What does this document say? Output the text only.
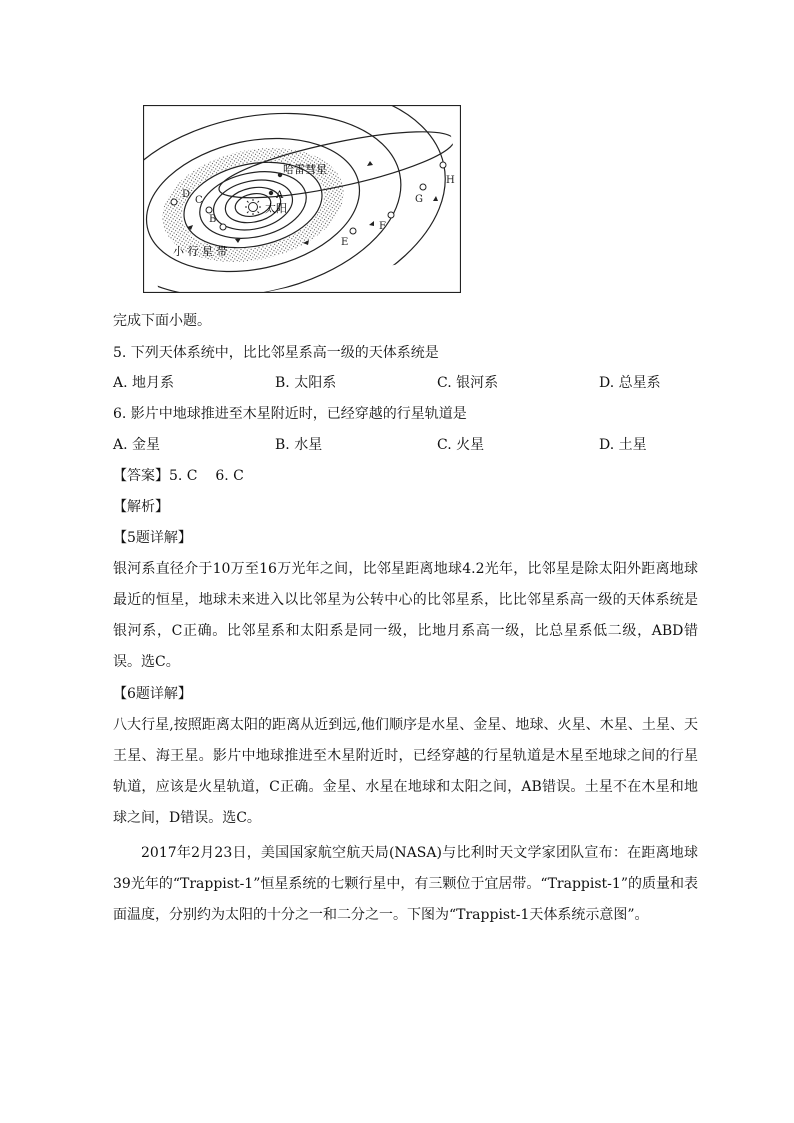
太阳
A
哈雷彗星
B
C
D
E
F
G
H
小 行 星 带
完成下面小题。
5. 下列天体系统中，比比邻星系高一级的天体系统是
A. 地月系	B. 太阳系	C. 银河系	D. 总星系
6. 影片中地球推进至木星附近时，已经穿越的行星轨道是
A. 金星	B. 水星	C. 火星	D. 土星
【答案】5. C    6. C
【解析】
【5题详解】
银河系直径介于10万至16万光年之间，比邻星距离地球4.2光年，比邻星是除太阳外距离地球最近的恒星，地球未来进入以比邻星为公转中心的比邻星系，比比邻星系高一级的天体系统是银河系，C正确。比邻星系和太阳系是同一级，比地月系高一级，比总星系低二级，ABD错误。选C。
【6题详解】
八大行星,按照距离太阳的距离从近到远,他们顺序是水星、金星、地球、火星、木星、土星、天王星、海王星。影片中地球推进至木星附近时，已经穿越的行星轨道是木星至地球之间的行星轨道，应该是火星轨道，C正确。金星、水星在地球和太阳之间，AB错误。土星不在木星和地球之间，D错误。选C。
2017年2月23日，美国国家航空航天局(NASA)与比利时天文学家团队宣布：在距离地球39光年的“Trappist-1”恒星系统的七颗行星中，有三颗位于宜居带。“Trappist-1”的质量和表面温度，分别约为太阳的十分之一和二分之一。下图为“Trappist-1天体系统示意图”。
